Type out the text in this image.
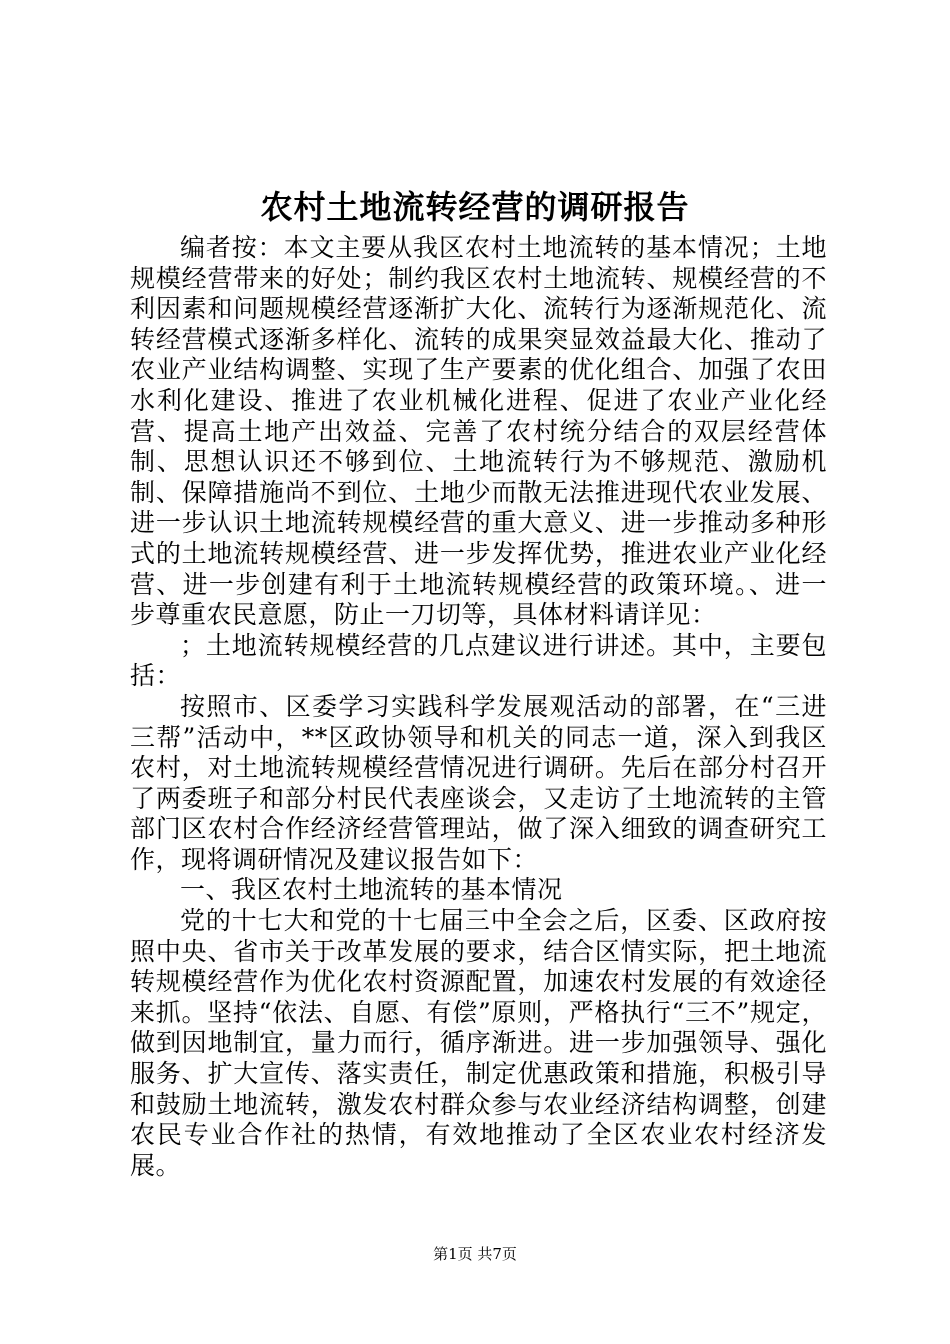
农村土地流转经营的调研报告

编者按：本文主要从我区农村土地流转的基本情况；土地规模经营带来的好处；制约我区农村土地流转、规模经营的不利因素和问题规模经营逐渐扩大化、流转行为逐渐规范化、流转经营模式逐渐多样化、流转的成果突显效益最大化、推动了农业产业结构调整、实现了生产要素的优化组合、加强了农田水利化建设、推进了农业机械化进程、促进了农业产业化经营、提高土地产出效益、完善了农村统分结合的双层经营体制、思想认识还不够到位、土地流转行为不够规范、激励机制、保障措施尚不到位、土地少而散无法推进现代农业发展、进一步认识土地流转规模经营的重大意义、进一步推动多种形式的土地流转规模经营、进一步发挥优势，推进农业产业化经营、进一步创建有利于土地流转规模经营的政策环境。、进一步尊重农民意愿，防止一刀切等，具体材料请详见：

；土地流转规模经营的几点建议进行讲述。其中，主要包括：

按照市、区委学习实践科学发展观活动的部署，在“三进三帮”活动中，**区政协领导和机关的同志一道，深入到我区农村，对土地流转规模经营情况进行调研。先后在部分村召开了两委班子和部分村民代表座谈会，又走访了土地流转的主管部门区农村合作经济经营管理站，做了深入细致的调查研究工作，现将调研情况及建议报告如下：

一、我区农村土地流转的基本情况

党的十七大和党的十七届三中全会之后，区委、区政府按照中央、省市关于改革发展的要求，结合区情实际，把土地流转规模经营作为优化农村资源配置，加速农村发展的有效途径来抓。坚持“依法、自愿、有偿”原则，严格执行“三不”规定，做到因地制宜，量力而行，循序渐进。进一步加强领导、强化服务、扩大宣传、落实责任，制定优惠政策和措施，积极引导和鼓励土地流转，激发农村群众参与农业经济结构调整，创建农民专业合作社的热情，有效地推动了全区农业农村经济发展。

第1页 共7页
